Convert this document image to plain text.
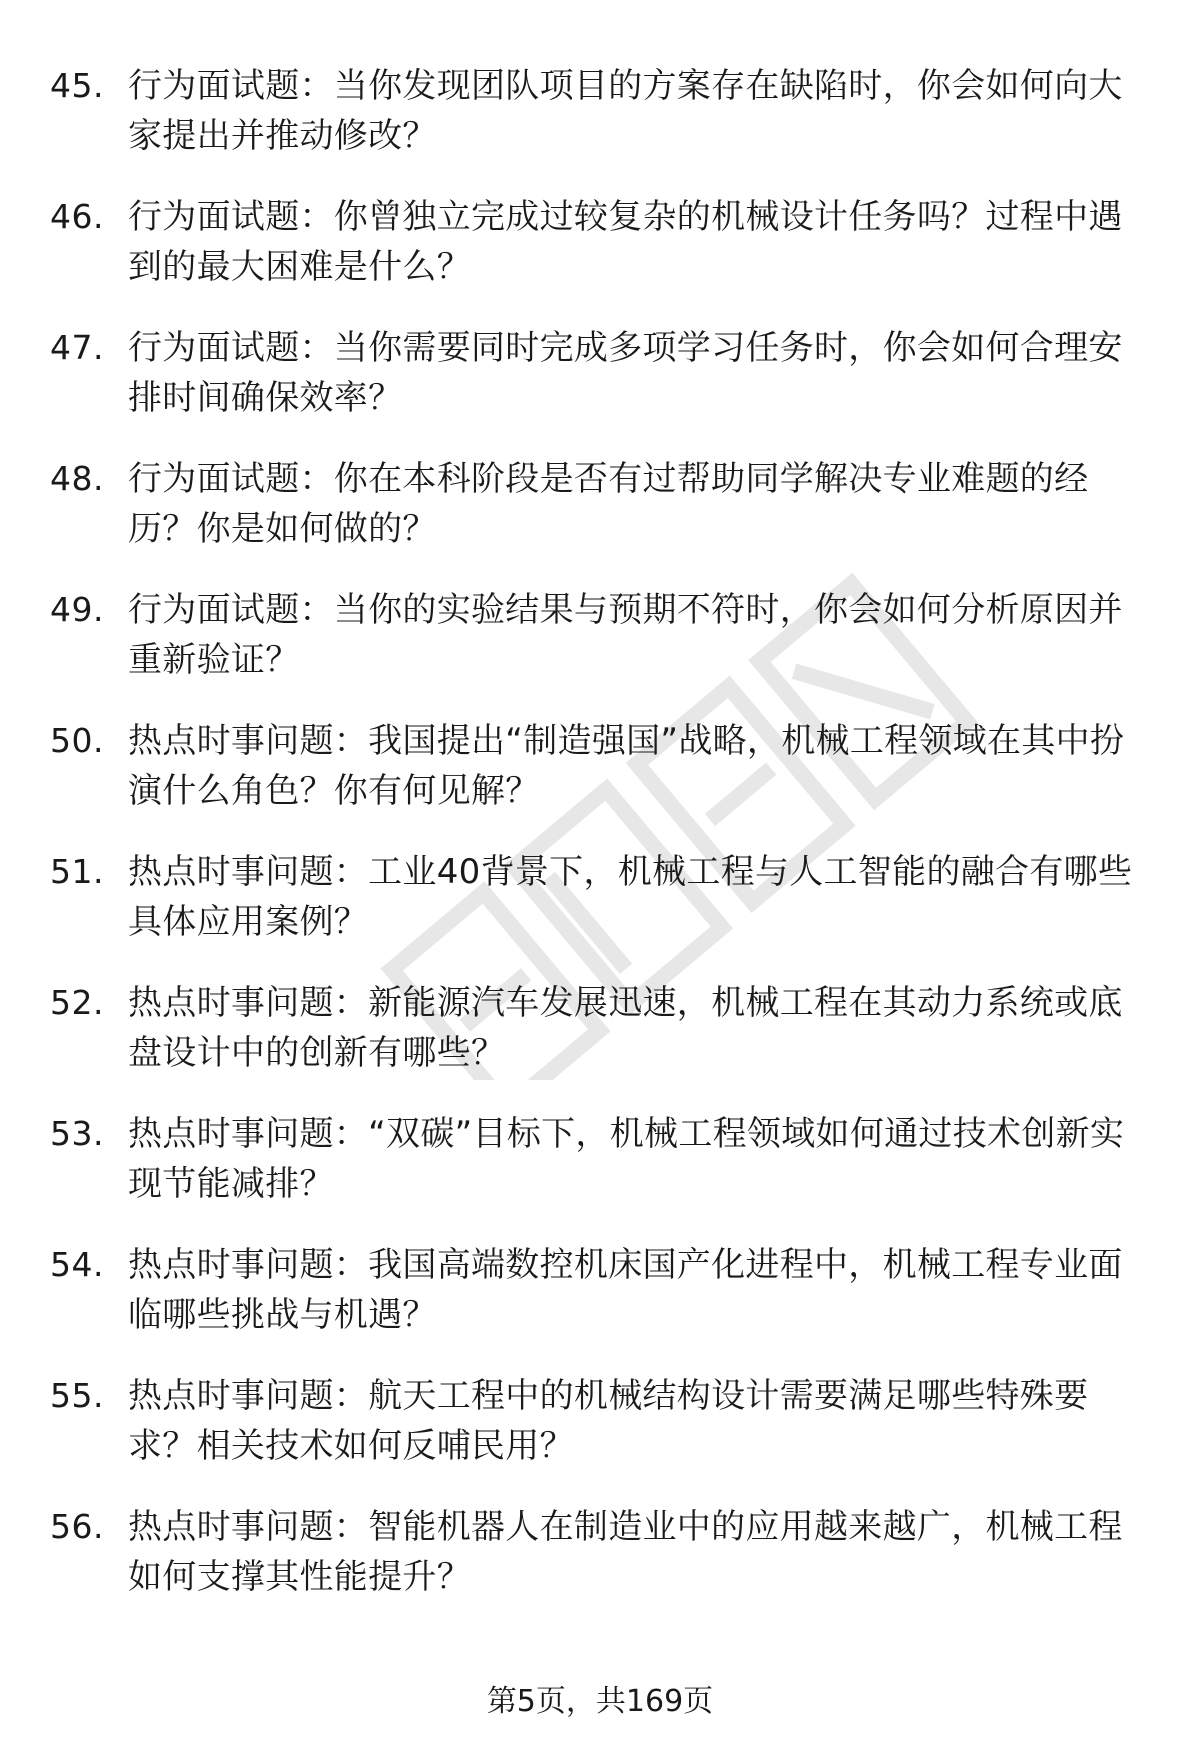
45. 行为面试题：当你发现团队项目的方案存在缺陷时，你会如何向大家提出并推动修改？
46. 行为面试题：你曾独立完成过较复杂的机械设计任务吗？过程中遇到的最大困难是什么？
47. 行为面试题：当你需要同时完成多项学习任务时，你会如何合理安排时间确保效率？
48. 行为面试题：你在本科阶段是否有过帮助同学解决专业难题的经历？你是如何做的？
49. 行为面试题：当你的实验结果与预期不符时，你会如何分析原因并重新验证？
50. 热点时事问题：我国提出“制造强国”战略，机械工程领域在其中扮演什么角色？你有何见解？
51. 热点时事问题：工业40背景下，机械工程与人工智能的融合有哪些具体应用案例？
52. 热点时事问题：新能源汽车发展迅速，机械工程在其动力系统或底盘设计中的创新有哪些？
53. 热点时事问题：“双碳”目标下，机械工程领域如何通过技术创新实现节能减排？
54. 热点时事问题：我国高端数控机床国产化进程中，机械工程专业面临哪些挑战与机遇？
55. 热点时事问题：航天工程中的机械结构设计需要满足哪些特殊要求？相关技术如何反哺民用？
56. 热点时事问题：智能机器人在制造业中的应用越来越广，机械工程如何支撑其性能提升？
第5页，共169页
